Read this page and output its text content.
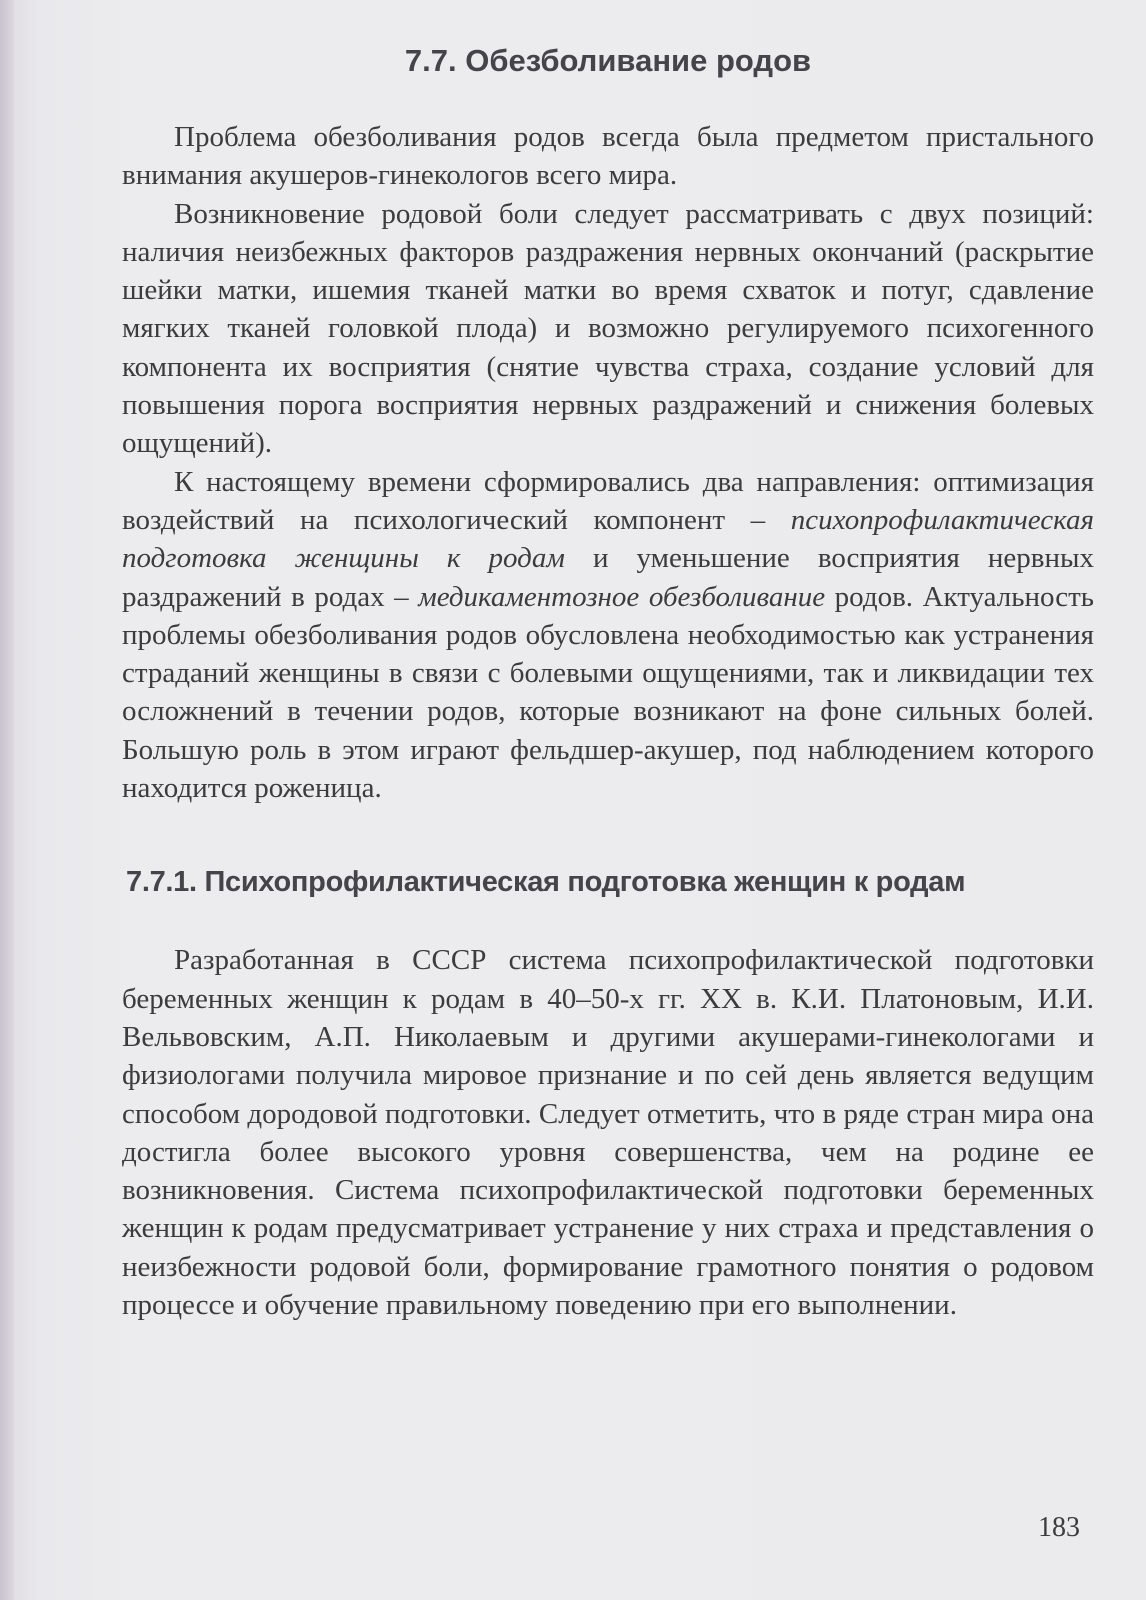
7.7. Обезболивание родов

Проблема обезболивания родов всегда была предметом пристального внимания акушеров-гинекологов всего мира.

Возникновение родовой боли следует рассматривать с двух позиций: наличия неизбежных факторов раздражения нервных окончаний (раскрытие шейки матки, ишемия тканей матки во время схваток и потуг, сдавление мягких тканей головкой плода) и возможно регулируемого психогенного компонента их восприятия (снятие чувства страха, создание условий для повышения порога восприятия нервных раздражений и снижения болевых ощущений).

К настоящему времени сформировались два направления: оптимизация воздействий на психологический компонент – психопрофилактическая подготовка женщины к родам и уменьшение восприятия нервных раздражений в родах – медикаментозное обезболивание родов. Актуальность проблемы обезболивания родов обусловлена необходимостью как устранения страданий женщины в связи с болевыми ощущениями, так и ликвидации тех осложнений в течении родов, которые возникают на фоне сильных болей. Большую роль в этом играют фельдшер-акушер, под наблюдением которого находится роженица.

7.7.1. Психопрофилактическая подготовка женщин к родам

Разработанная в СССР система психопрофилактической подготовки беременных женщин к родам в 40–50-х гг. XX в. К.И. Платоновым, И.И. Вельвовским, А.П. Николаевым и другими акушерами-гинекологами и физиологами получила мировое признание и по сей день является ведущим способом дородовой подготовки. Следует отметить, что в ряде стран мира она достигла более высокого уровня совершенства, чем на родине ее возникновения. Система психопрофилактической подготовки беременных женщин к родам предусматривает устранение у них страха и представления о неизбежности родовой боли, формирование грамотного понятия о родовом процессе и обучение правильному поведению при его выполнении.

183
